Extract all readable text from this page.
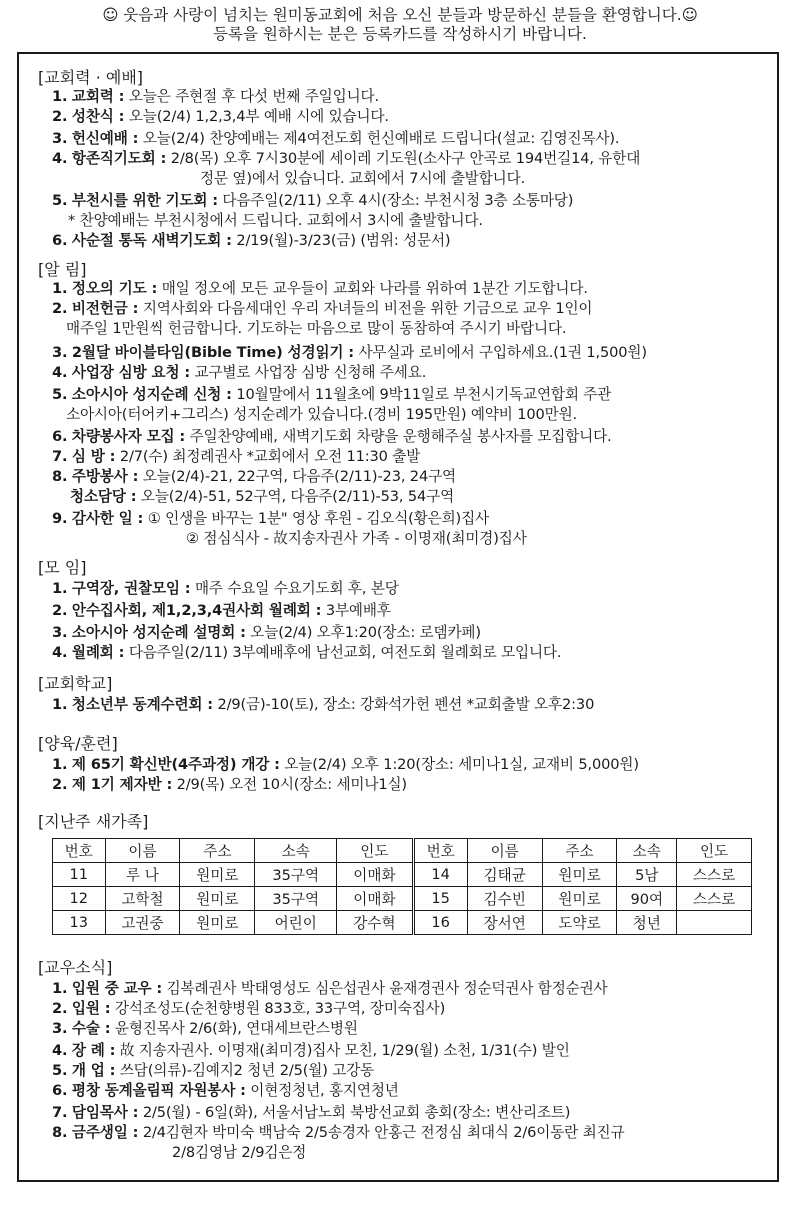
☺ 웃음과 사랑이 넘치는 원미동교회에 처음 오신 분들과 방문하신 분들을 환영합니다.☺
등록을 원하시는 분은 등록카드를 작성하시기 바랍니다.
[교회력 · 예배]
1. 교회력 : 오늘은 주현절 후 다섯 번째 주일입니다.
2. 성찬식 : 오늘(2/4) 1,2,3,4부 예배 시에 있습니다.
3. 헌신예배 : 오늘(2/4) 찬양예배는 제4여전도회 헌신예배로 드립니다(설교: 김영진목사).
4. 항존직기도회 : 2/8(목) 오후 7시30분에 세이레 기도원(소사구 안곡로 194번길14, 유한대
정문 옆)에서 있습니다. 교회에서 7시에 출발합니다.
5. 부천시를 위한 기도회 : 다음주일(2/11) 오후 4시(장소: 부천시청 3층 소통마당)
* 찬양예배는 부천시청에서 드립니다. 교회에서 3시에 출발합니다.
6. 사순절 통독 새벽기도회 : 2/19(월)-3/23(금) (범위: 성문서)
[알 림]
1. 정오의 기도 : 매일 정오에 모든 교우들이 교회와 나라를 위하여 1분간 기도합니다.
2. 비전헌금 : 지역사회와 다음세대인 우리 자녀들의 비전을 위한 기금으로 교우 1인이
매주일 1만원씩 헌금합니다. 기도하는 마음으로 많이 동참하여 주시기 바랍니다.
3. 2월달 바이블타임(Bible Time) 성경읽기 : 사무실과 로비에서 구입하세요.(1권 1,500원)
4. 사업장 심방 요청 : 교구별로 사업장 심방 신청해 주세요.
5. 소아시아 성지순례 신청 : 10월말에서 11월초에 9박11일로 부천시기독교연합회 주관
소아시아(터어키+그리스) 성지순례가 있습니다.(경비 195만원) 예약비 100만원.
6. 차량봉사자 모집 : 주일찬양예배, 새벽기도회 차량을 운행해주실 봉사자를 모집합니다.
7. 심 방 : 2/7(수) 최정례권사 *교회에서 오전 11:30 출발
8. 주방봉사 : 오늘(2/4)-21, 22구역, 다음주(2/11)-23, 24구역
청소담당 : 오늘(2/4)-51, 52구역, 다음주(2/11)-53, 54구역
9. 감사한 일 : ① 인생을 바꾸는 1분" 영상 후원 - 김오식(황은희)집사
② 점심식사 - 故지송자권사 가족 - 이명재(최미경)집사
[모 임]
1. 구역장, 권찰모임 : 매주 수요일 수요기도회 후, 본당
2. 안수집사회, 제1,2,3,4권사회 월례회 : 3부예배후
3. 소아시아 성지순례 설명회 : 오늘(2/4) 오후1:20(장소: 로뎀카페)
4. 월례회 : 다음주일(2/11) 3부예배후에 남선교회, 여전도회 월례회로 모입니다.
[교회학교]
1. 청소년부 동계수련회 : 2/9(금)-10(토), 장소: 강화석가헌 펜션 *교회출발 오후2:30
[양육/훈련]
1. 제 65기 확신반(4주과정) 개강 : 오늘(2/4) 오후 1:20(장소: 세미나1실, 교재비 5,000원)
2. 제 1기 제자반 : 2/9(목) 오전 10시(장소: 세미나1실)
[교우소식]
1. 입원 중 교우 : 김복례권사 박태영성도 심은섭권사 윤재경권사 정순덕권사 함정순권사
2. 입원 : 강석조성도(순천향병원 833호, 33구역, 장미숙집사)
3. 수술 : 윤형진목사 2/6(화), 연대세브란스병원
4. 장 례 : 故 지송자권사. 이명재(최미경)집사 모친, 1/29(월) 소천, 1/31(수) 발인
5. 개 업 : 쓰담(의류)-김예지2 청년 2/5(월) 고강동
6. 평창 동계올림픽 자원봉사 : 이현정청년, 홍지연청년
7. 담임목사 : 2/5(월) - 6일(화), 서울서남노회 북방선교회 총회(장소: 변산리조트)
8. 금주생일 : 2/4김현자 박미숙 백남숙 2/5송경자 안홍근 전정심 최대식 2/6이동란 최진규
2/8김영남 2/9김은정
[지난주 새가족]
번호	이름	주소	소속	인도	번호	이름	주소	소속	인도
11	루 나	원미로	35구역	이매화	14	김태균	원미로	5남	스스로
12	고학철	원미로	35구역	이매화	15	김수빈	원미로	90여	스스로
13	고권중	원미로	어린이	강수혁	16	장서연	도약로	청년	
